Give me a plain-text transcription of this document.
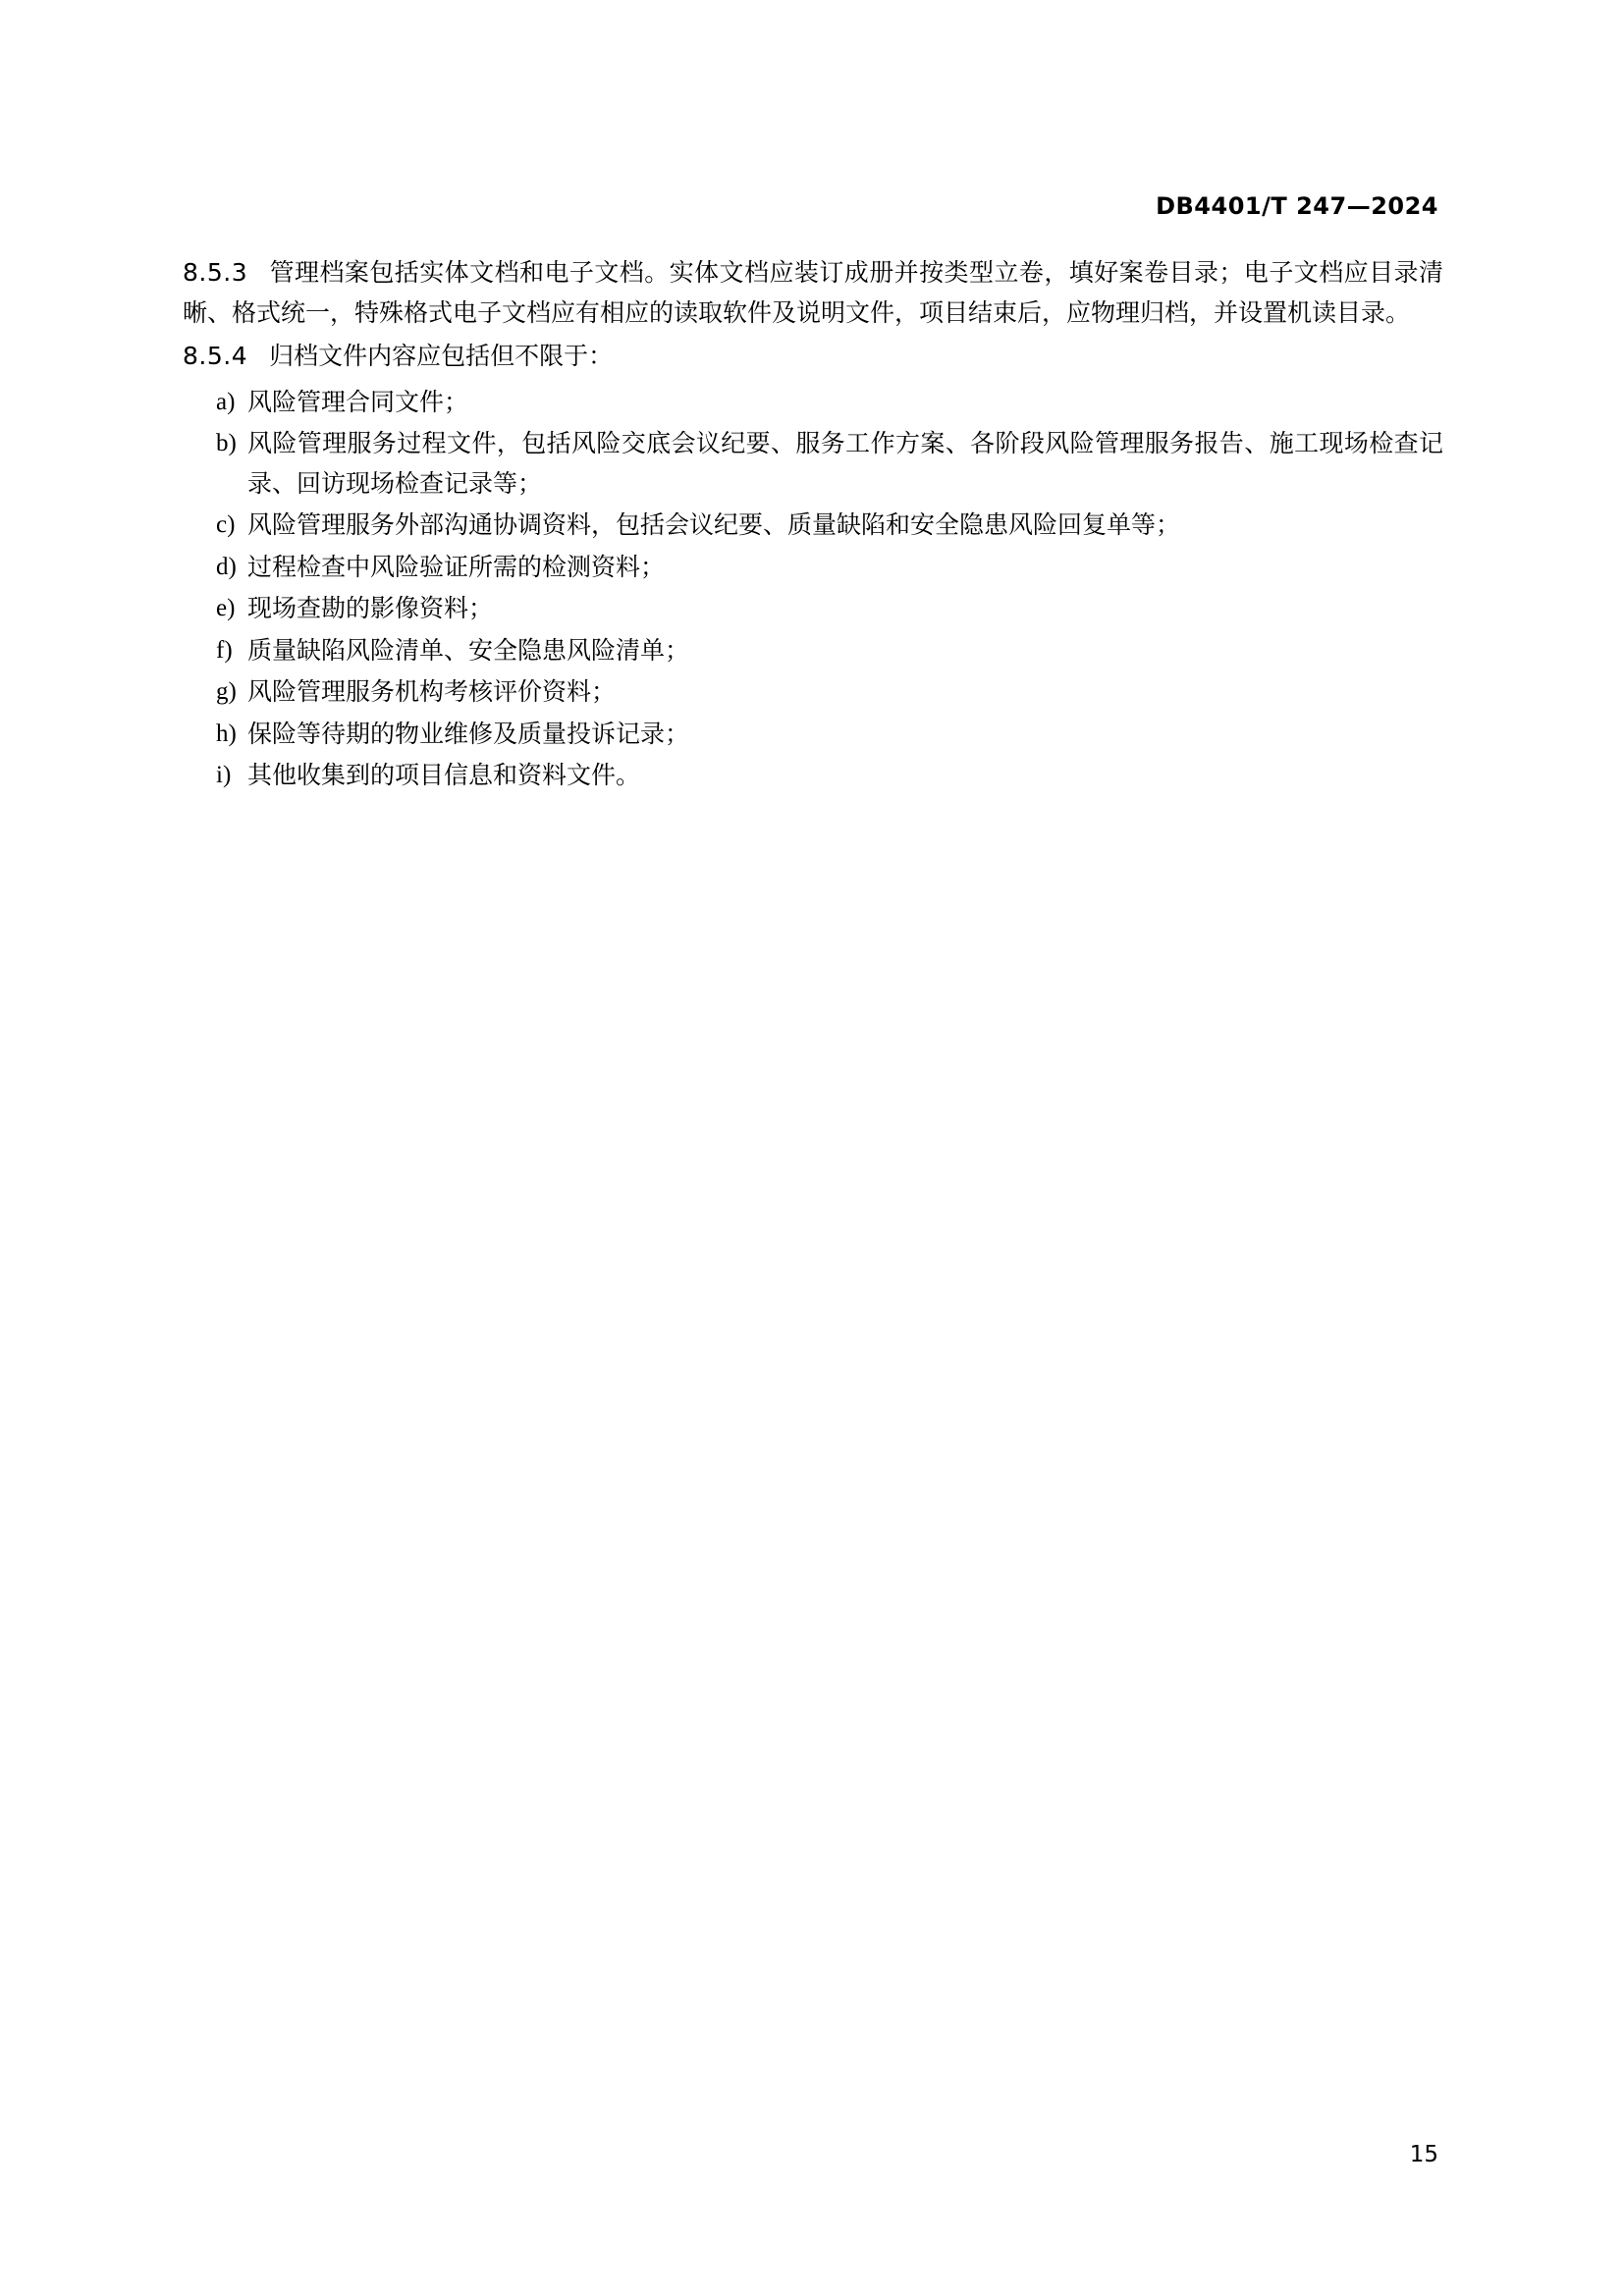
DB4401/T 247—2024

8.5.3 管理档案包括实体文档和电子文档。实体文档应装订成册并按类型立卷，填好案卷目录；电子文档应目录清晰、格式统一，特殊格式电子文档应有相应的读取软件及说明文件，项目结束后，应物理归档，并设置机读目录。

8.5.4 归档文件内容应包括但不限于：

a) 风险管理合同文件；
b) 风险管理服务过程文件，包括风险交底会议纪要、服务工作方案、各阶段风险管理服务报告、施工现场检查记录、回访现场检查记录等；
c) 风险管理服务外部沟通协调资料，包括会议纪要、质量缺陷和安全隐患风险回复单等；
d) 过程检查中风险验证所需的检测资料；
e) 现场查勘的影像资料；
f) 质量缺陷风险清单、安全隐患风险清单；
g) 风险管理服务机构考核评价资料；
h) 保险等待期的物业维修及质量投诉记录；
i) 其他收集到的项目信息和资料文件。
15
